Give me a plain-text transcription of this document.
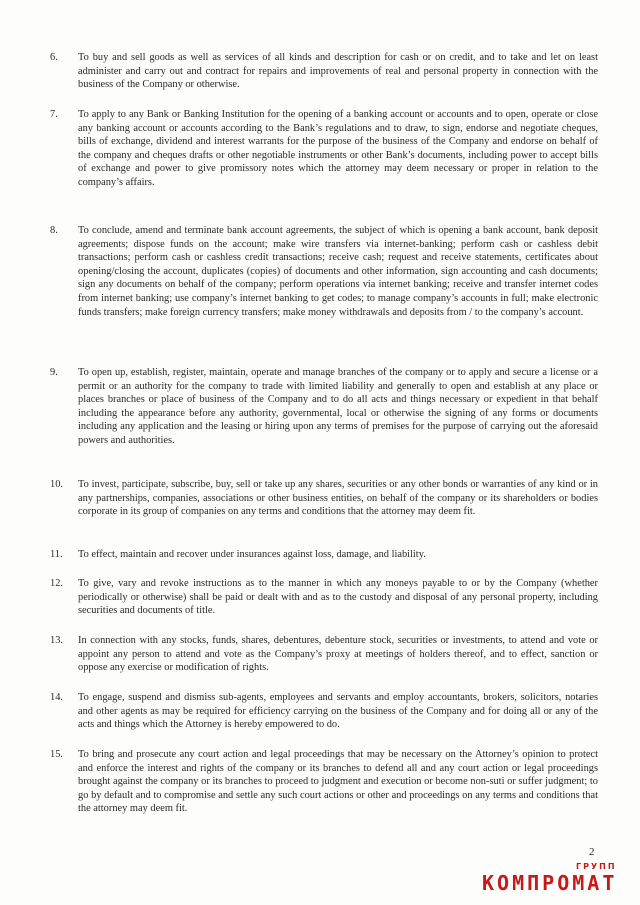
6.	To buy and sell goods as well as services of all kinds and description for cash or on credit, and to take and let on least administer and carry out and contract for repairs and improvements of real and personal property in connection with the business of the Company or otherwise.
7.	To apply to any Bank or Banking Institution for the opening of a banking account or accounts and to open, operate or close any banking account or accounts according to the Bank’s regulations and to draw, to sign, endorse and negotiate cheques, bills of exchange, dividend and interest warrants for the purpose of the business of the Company and endorse on behalf of the company and cheques drafts or other negotiable instruments or other Bank’s documents, including power to accept bills of exchange and power to give promissory notes which the attorney may deem necessary or proper in relation to the company’s affairs.
8.	To conclude, amend and terminate bank account agreements, the subject of which is opening a bank account, bank deposit agreements; dispose funds on the account; make wire transfers via internet-banking; perform cash or cashless debit transactions; perform cash or cashless credit transactions; receive cash; request and receive statements, certificates about opening/closing the account, duplicates (copies) of documents and other information, sign accounting and cash documents; sign any documents on behalf of the company; perform operations via internet banking; receive and transfer internet codes from internet banking; use company’s internet banking to get codes; to manage company’s accounts in full; make electronic funds transfers; make foreign currency transfers; make money withdrawals and deposits from / to the company’s account.
9.	To open up, establish, register, maintain, operate and manage branches of the company or to apply and secure a license or a permit or an authority for the company to trade with limited liability and generally to open and establish at any place or places branches or place of business of the Company and to do all acts and things necessary or expedient in that behalf including the appearance before any authority, governmental, local or otherwise the signing of any forms or documents including any application and the leasing or hiring upon any terms of premises for the purpose of carrying out the aforesaid powers and authorities.
10.	To invest, participate, subscribe, buy, sell or take up any shares, securities or any other bonds or warranties of any kind or in any partnerships, companies, associations or other business entities, on behalf of the company or its shareholders or bodies corporate in its group of companies on any terms and conditions that the attorney may deem fit.
11.	To effect, maintain and recover under insurances against loss, damage, and liability.
12.	To give, vary and revoke instructions as to the manner in which any moneys payable to or by the Company (whether periodically or otherwise) shall be paid or dealt with and as to the custody and disposal of any personal property, including securities and documents of title.
13.	In connection with any stocks, funds, shares, debentures, debenture stock, securities or investments, to attend and vote or appoint any person to attend and vote as the Company’s proxy at meetings of holders thereof, and to effect, sanction or oppose any exercise or modification of rights.
14.	To engage, suspend and dismiss sub-agents, employees and servants and employ accountants, brokers, solicitors, notaries and other agents as may be required for efficiency carrying on the business of the Company and for doing all or any of the acts and things which the Attorney is hereby empowered to do.
15.	To bring and prosecute any court action and legal proceedings that may be necessary on the Attorney’s opinion to protect and enforce the interest and rights of the company or its branches to defend all and any court action or legal proceedings brought against the company or its branches to proceed to judgment and execution or become non-suti or suffer judgment; to go by default and to compromise and settle any such court actions or other and proceedings on any terms and conditions that the attorney may deem fit.
2
ГРУПП
КОМПРОМАТ
